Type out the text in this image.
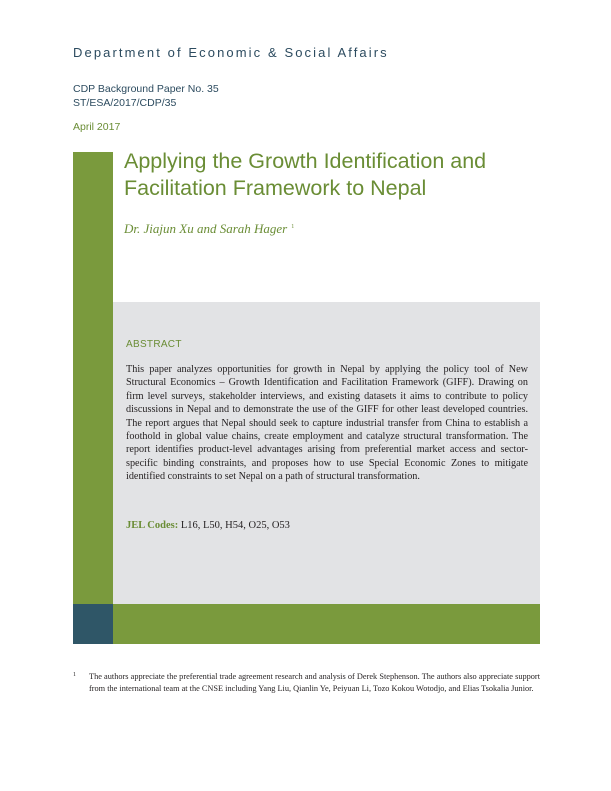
Department of Economic & Social Affairs
CDP Background Paper No. 35
ST/ESA/2017/CDP/35
April 2017
Applying the Growth Identification and Facilitation Framework to Nepal
Dr. Jiajun Xu and Sarah Hager $^1$
ABSTRACT

This paper analyzes opportunities for growth in Nepal by applying the policy tool of New Structural Economics – Growth Identification and Facilitation Framework (GIFF). Drawing on firm level surveys, stakeholder interviews, and existing datasets it aims to contribute to policy discussions in Nepal and to demonstrate the use of the GIFF for other least developed countries. The report argues that Nepal should seek to capture industrial transfer from China to establish a foothold in global value chains, create employment and catalyze structural transformation. The report identifies product-level advantages arising from preferential market access and sector-specific binding constraints, and proposes how to use Special Economic Zones to mitigate identified constraints to set Nepal on a path of structural transformation.

JEL Codes: L16, L50, H54, O25, O53

1	The authors appreciate the preferential trade agreement research and analysis of Derek Stephenson. The authors also appreciate support from the international team at the CNSE including Yang Liu, Qianlin Ye, Peiyuan Li, Tozo Kokou Wotodjo, and Elias Tsokalia Junior.
